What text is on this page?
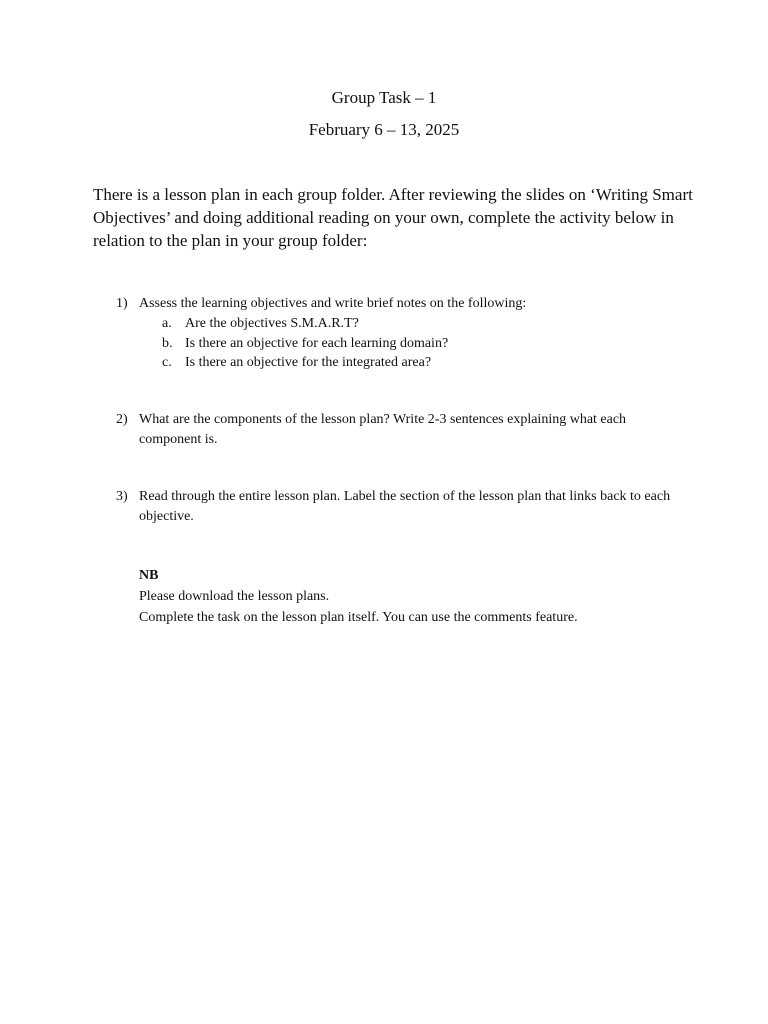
Group Task – 1
February 6 – 13, 2025
There is a lesson plan in each group folder. After reviewing the slides on ‘Writing Smart Objectives’ and doing additional reading on your own, complete the activity below in relation to the plan in your group folder:
1) Assess the learning objectives and write brief notes on the following:
a. Are the objectives S.M.A.R.T?
b. Is there an objective for each learning domain?
c. Is there an objective for the integrated area?
2) What are the components of the lesson plan? Write 2-3 sentences explaining what each component is.
3) Read through the entire lesson plan. Label the section of the lesson plan that links back to each objective.
NB
Please download the lesson plans.
Complete the task on the lesson plan itself. You can use the comments feature.
